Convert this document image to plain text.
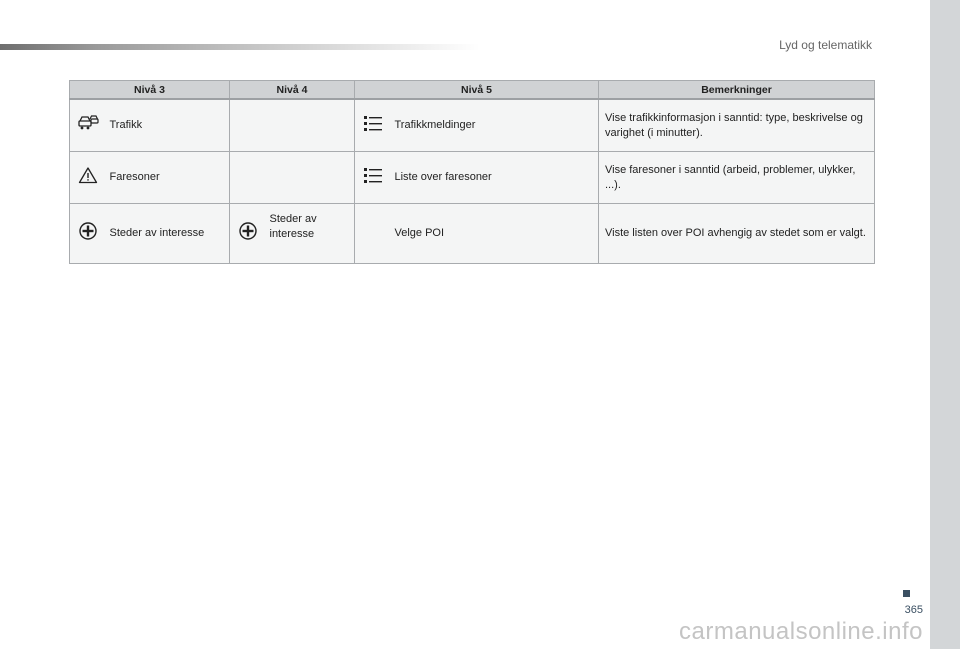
Lyd og telematikk
Nivå 3		Nivå 4		Nivå 5		Bemerkninger
	Trafikk				Trafikkmeldinger	Vise trafikkinformasjon i sanntid: type, beskrivelse og varighet (i minutter).
	Faresoner				Liste over faresoner	Vise faresoner i sanntid (arbeid, problemer, ulykker, ...).
	Steder av interesse		Steder av interesse		Velge POI	Viste listen over POI avhengig av stedet som er valgt.
365
carmanualsonline.info
